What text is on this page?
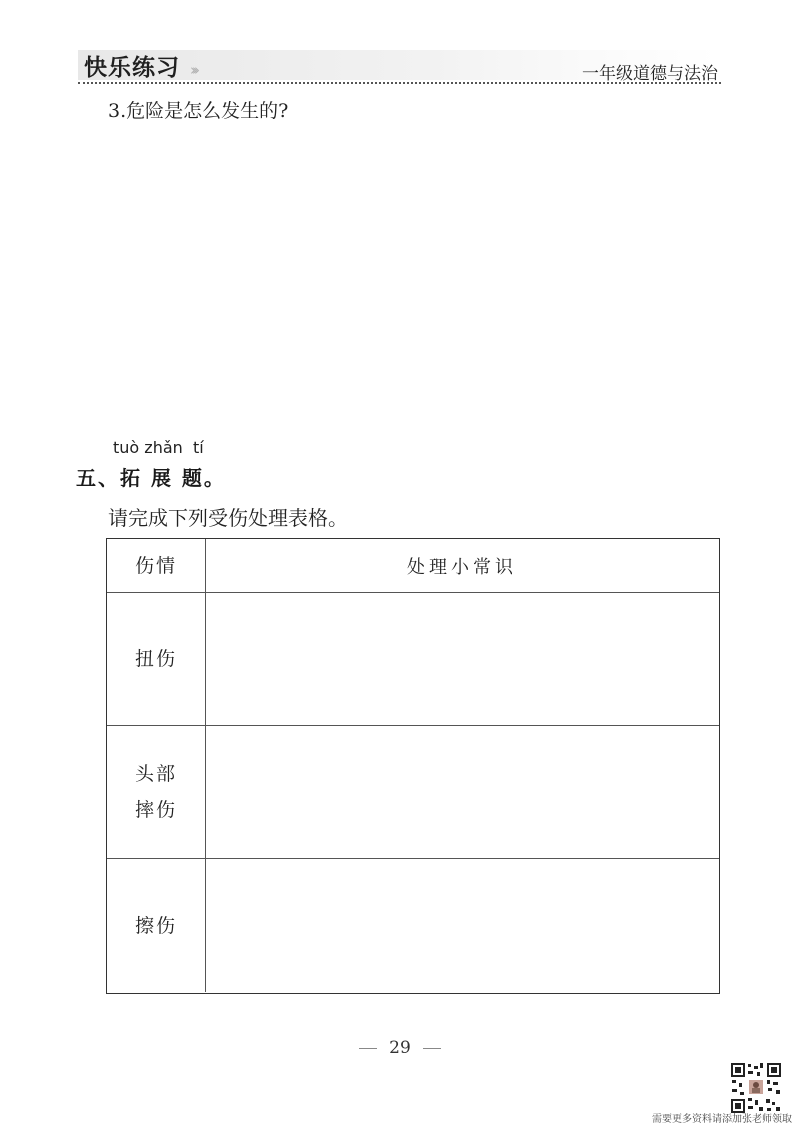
快乐练习 ›››	一年级道德与法治
3.危险是怎么发生的?
tuò zhǎn  tí
五、拓 展 题。
请完成下列受伤处理表格。
伤情	处理小常识
扭伤
头部
摔伤
擦伤
29
需要更多资料请添加张老师领取
